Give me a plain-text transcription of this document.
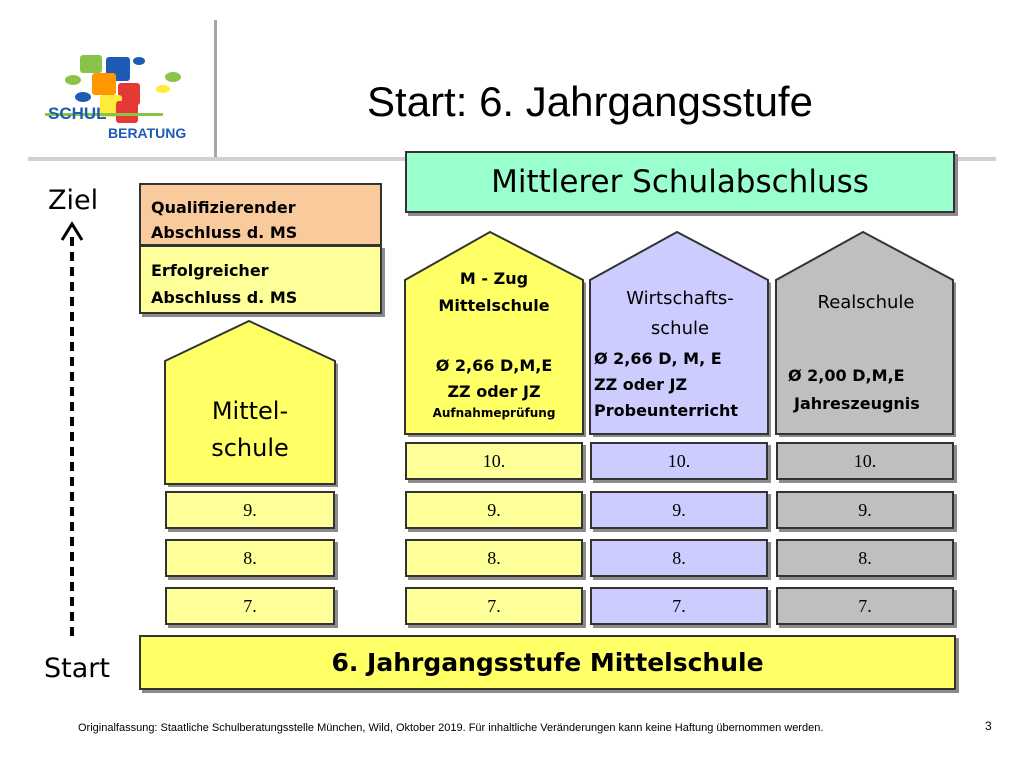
SCHUL
BERATUNG
Start: 6. Jahrgangsstufe
Mittlerer Schulabschluss
Ziel
Start
Qualifizierender
Abschluss d. MS
Erfolgreicher
Abschluss d. MS
Mittel-
schule
M - Zug
Mittelschule
Ø 2,66 D,M,E
ZZ oder JZ
Aufnahmeprüfung
Wirtschafts-
schule
Ø 2,66 D, M, E
ZZ oder JZ
Probeunterricht
Realschule
Ø 2,00 D,M,E
Jahreszeugnis
9.
8.
7.
10.
9.
8.
7.
10.
9.
8.
7.
10.
9.
8.
7.
6. Jahrgangsstufe Mittelschule
Originalfassung: Staatliche Schulberatungsstelle München, Wild, Oktober 2019. Für inhaltliche Veränderungen kann keine Haftung übernommen werden.	3
